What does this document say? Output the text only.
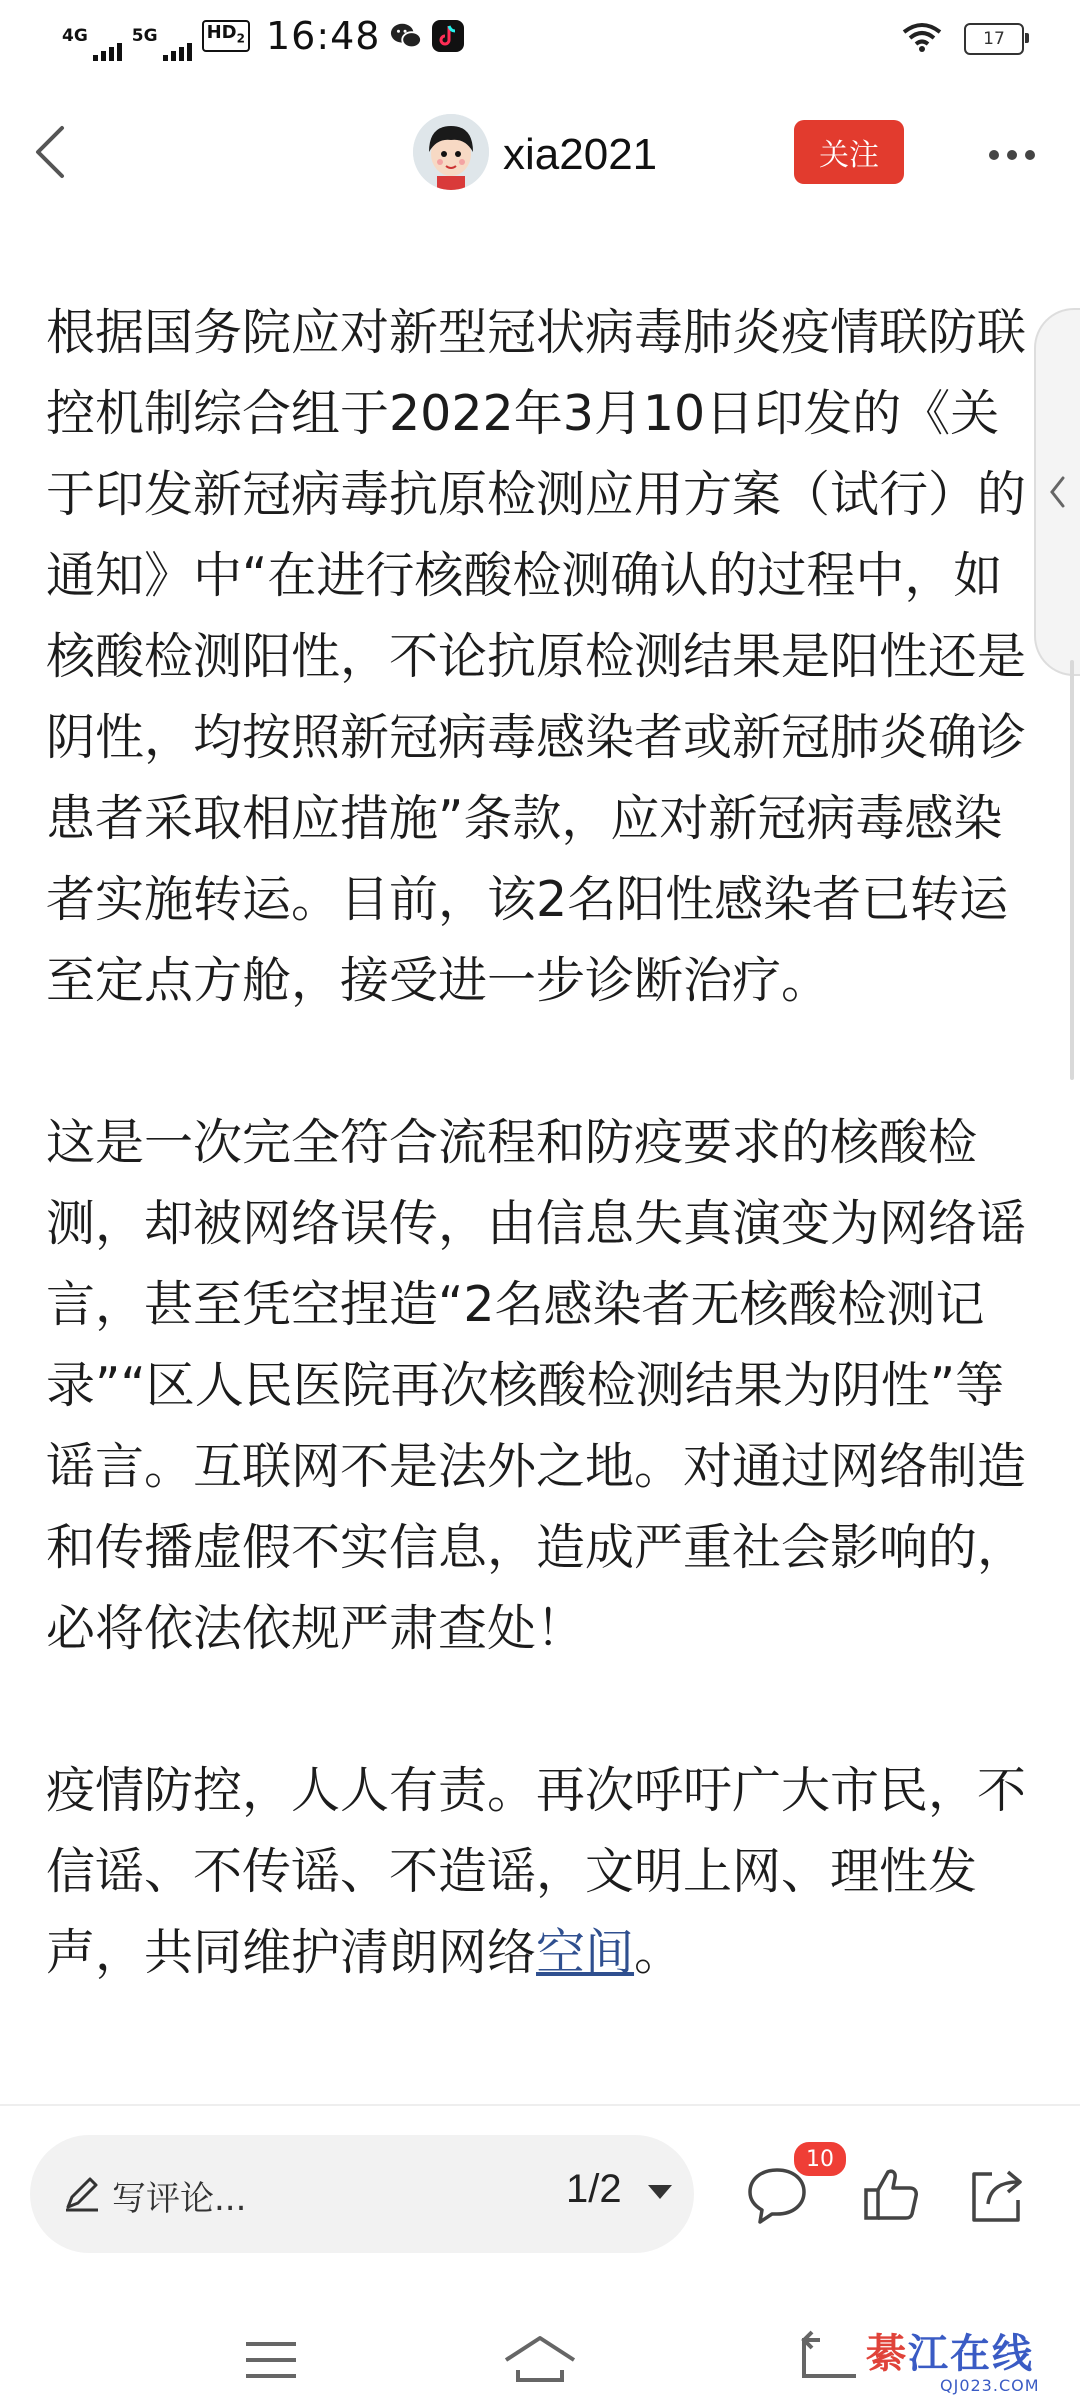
4G	5G	$HD_2$ 16:48	17
xia2021	关注

根据国务院应对新型冠状病毒肺炎疫情联防联控机制综合组于2022年3月10日印发的《关于印发新冠病毒抗原检测应用方案（试行）的通知》中“在进行核酸检测确认的过程中，如核酸检测阳性，不论抗原检测结果是阳性还是阴性，均按照新冠病毒感染者或新冠肺炎确诊患者采取相应措施”条款，应对新冠病毒感染者实施转运。目前，该2名阳性感染者已转运至定点方舱，接受进一步诊断治疗。

这是一次完全符合流程和防疫要求的核酸检测，却被网络误传，由信息失真演变为网络谣言，甚至凭空捏造“2名感染者无核酸检测记录”“区人民医院再次核酸检测结果为阴性”等谣言。互联网不是法外之地。对通过网络制造和传播虚假不实信息，造成严重社会影响的，必将依法依规严肃查处！

疫情防控，人人有责。再次呼吁广大市民，不信谣、不传谣、不造谣，文明上网、理性发声，共同维护清朗网络空间。

写评论...	1/2
10
綦江在线
QJ023.COM
